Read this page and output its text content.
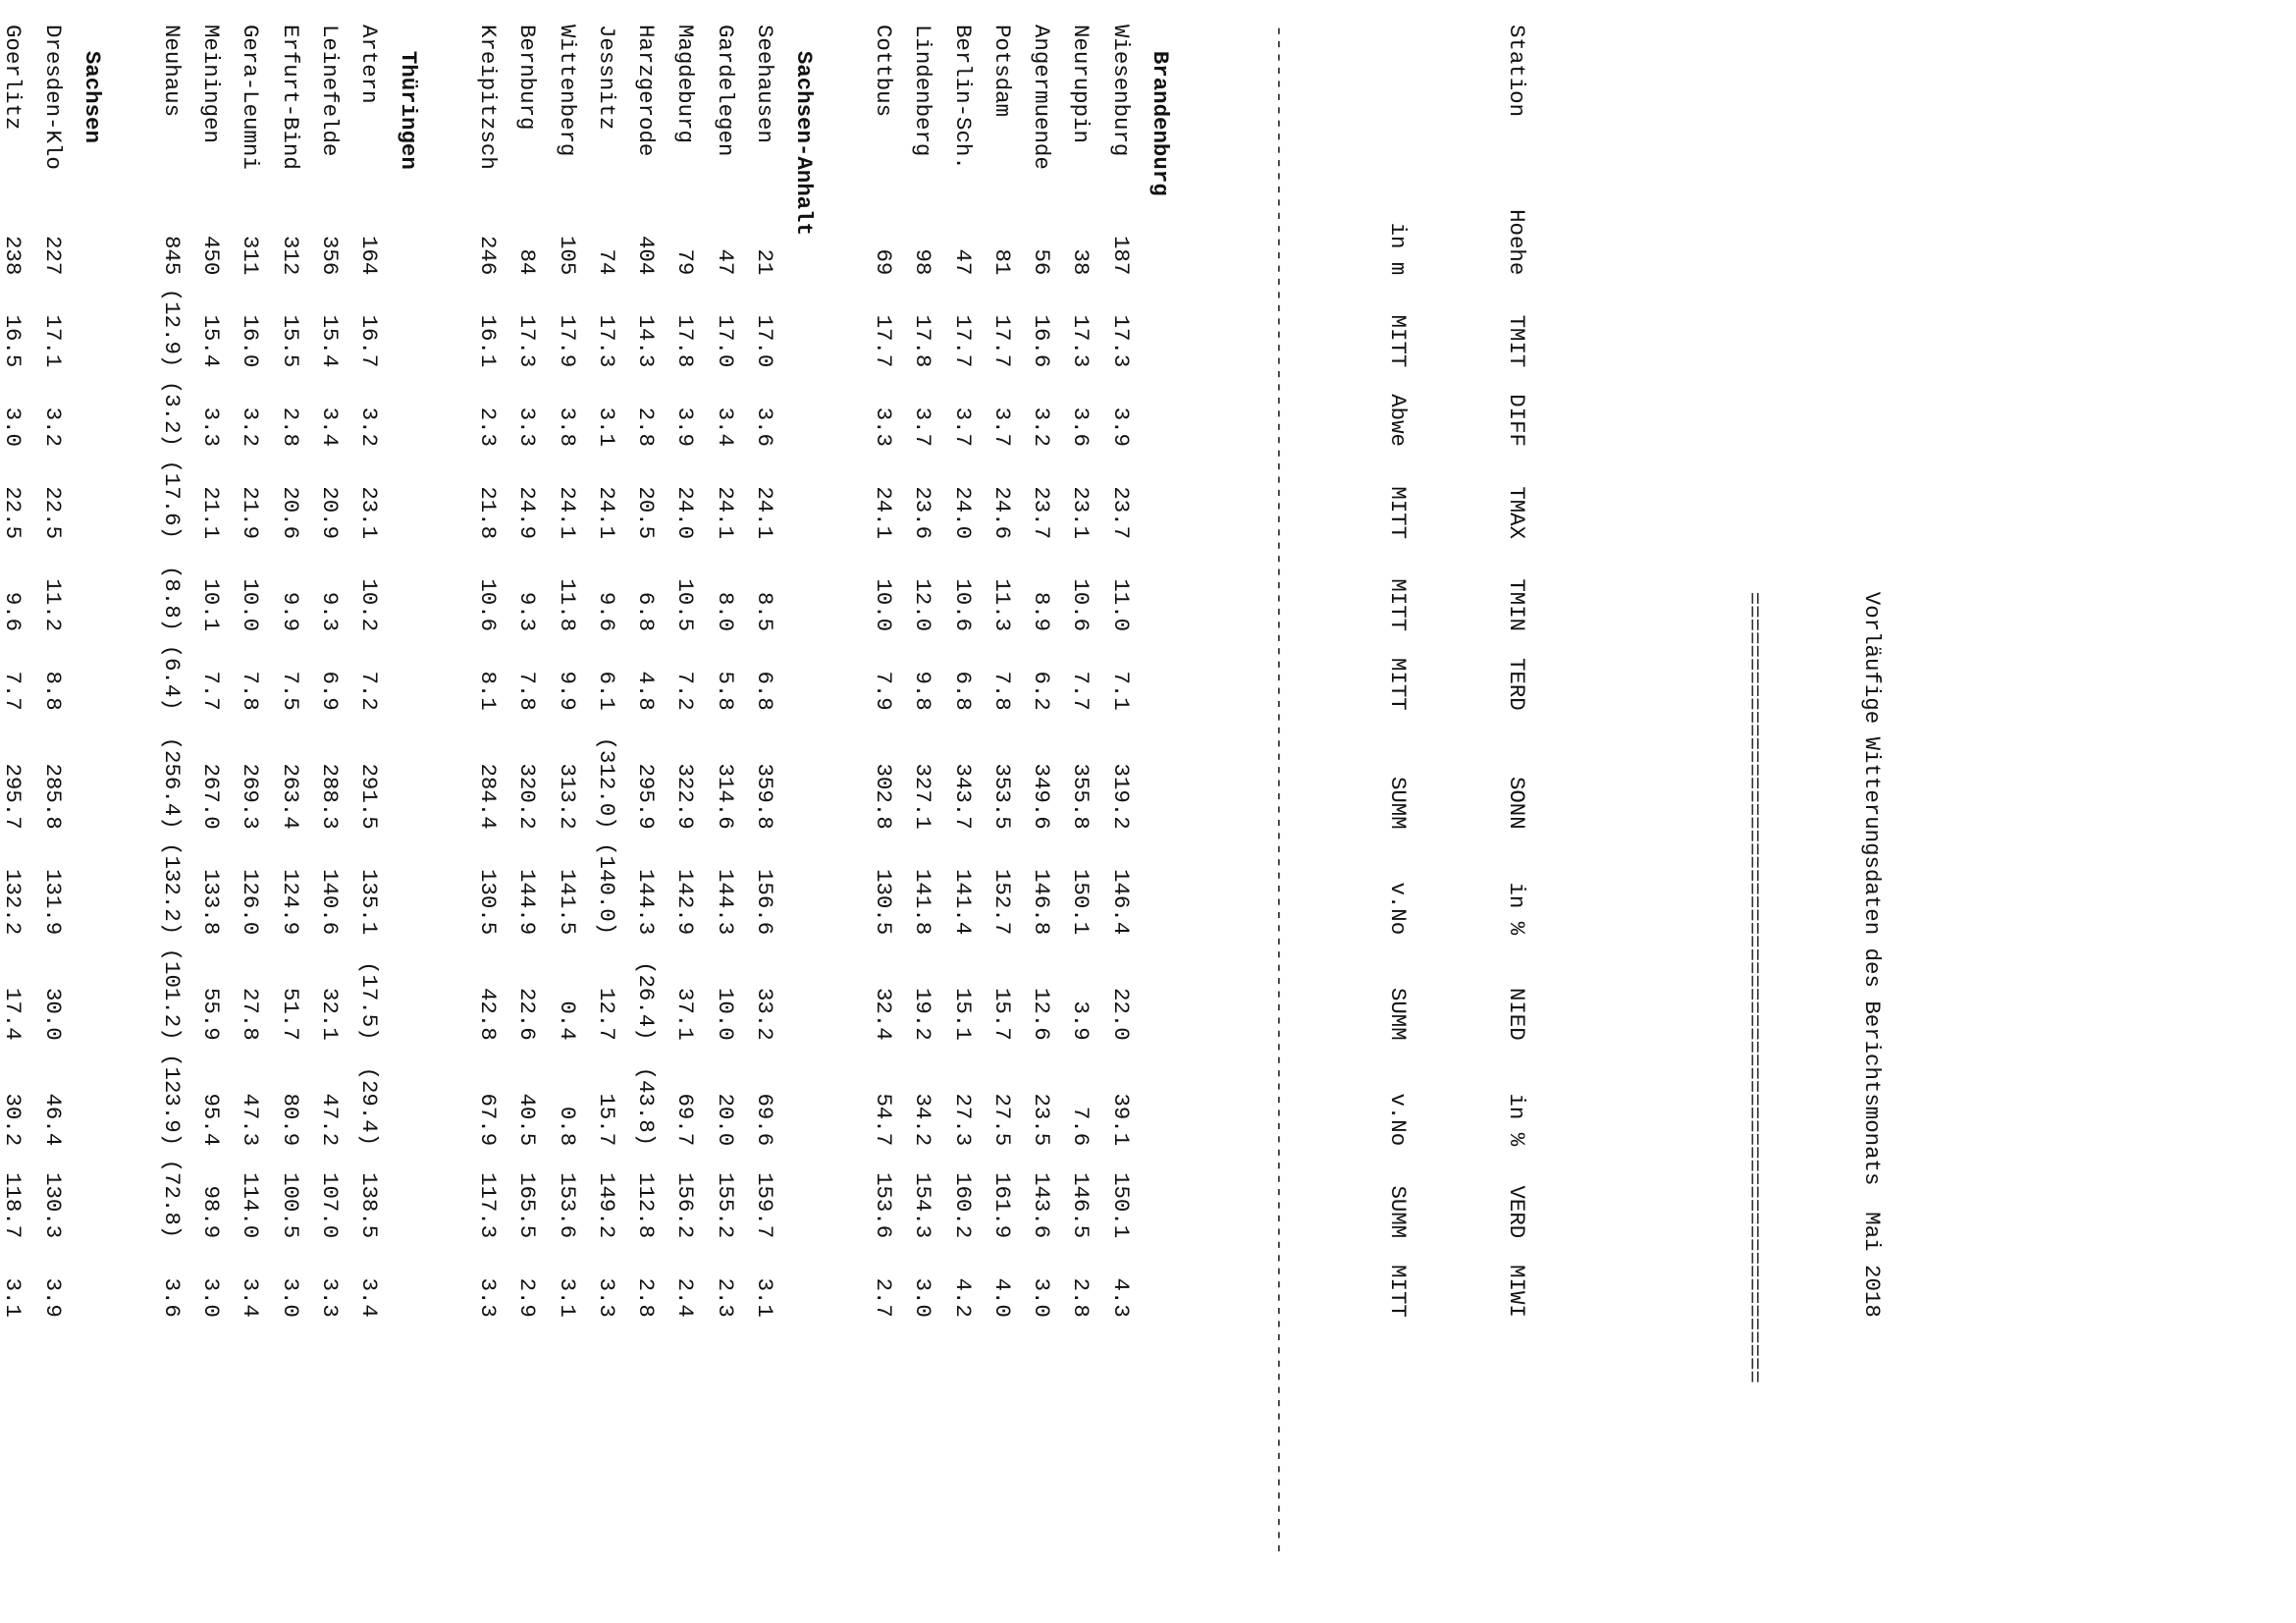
Vorläufige Witterungsdaten des Berichtsmonats  Mai 2018

============================================================

Station       Hoehe   TMIT  DIFF   TMAX   TMIN  TERD     SONN    in %    NIED    in %   VERD  MIWI

in m   MITT  Abwe   MITT   MITT  MITT     SUMM    v.No    SUMM    v.No   SUMM  MITT

--------------------------------------------------------------------------------------------------------------------

Brandenburg
Wiesenburg      187   17.3   3.9   23.7   11.0   7.1    319.2   146.4    22.0    39.1  150.1   4.3
Neuruppin        38   17.3   3.6   23.1   10.6   7.7    355.8   150.1     3.9     7.6  146.5   2.8
Angermuende      56   16.6   3.2   23.7    8.9   6.2    349.6   146.8    12.6    23.5  143.6   3.0
Potsdam          81   17.7   3.7   24.6   11.3   7.8    353.5   152.7    15.7    27.5  161.9   4.0
Berlin-Sch.      47   17.7   3.7   24.0   10.6   6.8    343.7   141.4    15.1    27.3  160.2   4.2
Lindenberg       98   17.8   3.7   23.6   12.0   9.8    327.1   141.8    19.2    34.2  154.3   3.0
Cottbus          69   17.7   3.3   24.1   10.0   7.9    302.8   130.5    32.4    54.7  153.6   2.7
Sachsen-Anhalt
Seehausen        21   17.0   3.6   24.1    8.5   6.8    359.8   156.6    33.2    69.6  159.7   3.1
Gardelegen       47   17.0   3.4   24.1    8.0   5.8    314.6   144.3    10.0    20.0  155.2   2.3
Magdeburg        79   17.8   3.9   24.0   10.5   7.2    322.9   142.9    37.1    69.7  156.2   2.4
Harzgerode      404   14.3   2.8   20.5    6.8   4.8    295.9   144.3  (26.4)  (43.8)  112.8   2.8
Jessnitz         74   17.3   3.1   24.1    9.6   6.1  (312.0) (140.0)    12.7    15.7  149.2   3.3
Wittenberg      105   17.9   3.8   24.1   11.8   9.9    313.2   141.5     0.4     0.8  153.6   3.1
Bernburg         84   17.3   3.3   24.9    9.3   7.8    320.2   144.9    22.6    40.5  165.5   2.9
Kreipitzsch     246   16.1   2.3   21.8   10.6   8.1    284.4   130.5    42.8    67.9  117.3   3.3
Thüringen
Artern          164   16.7   3.2   23.1   10.2   7.2    291.5   135.1  (17.5)  (29.4)  138.5   3.4
Leinefelde      356   15.4   3.4   20.9    9.3   6.9    288.3   140.6    32.1    47.2  107.0   3.3
Erfurt-Bind     312   15.5   2.8   20.6    9.9   7.5    263.4   124.9    51.7    80.9  100.5   3.0
Gera-Leumni     311   16.0   3.2   21.9   10.0   7.8    269.3   126.0    27.8    47.3  114.0   3.4
Meiningen       450   15.4   3.3   21.1   10.1   7.7    267.0   133.8    55.9    95.4   98.9   3.0
Neuhaus         845 (12.9) (3.2) (17.6)  (8.8) (6.4)  (256.4) (132.2) (101.2) (123.9) (72.8)   3.6
Sachsen
Dresden-Klo     227   17.1   3.2   22.5   11.2   8.8    285.8   131.9    30.0    46.4  130.3   3.9
Goerlitz        238   16.5   3.0   22.5    9.6   7.7    295.7   132.2    17.4    30.2  118.7   3.1
